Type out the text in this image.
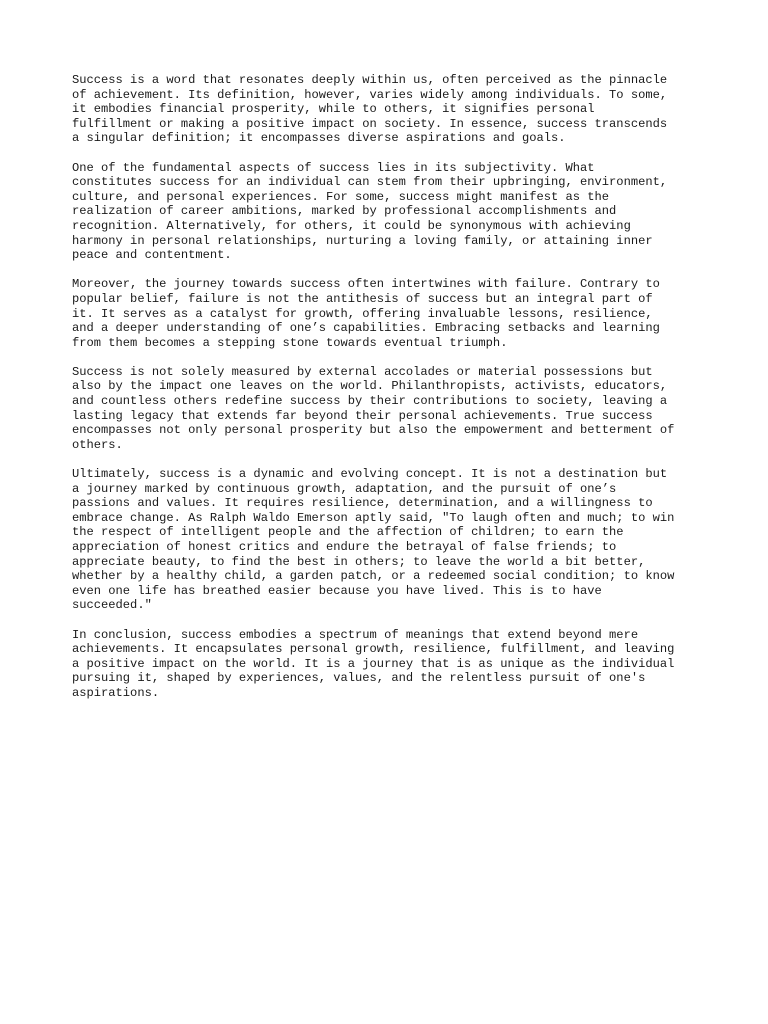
Success is a word that resonates deeply within us, often perceived as the pinnacle
of achievement. Its definition, however, varies widely among individuals. To some,
it embodies financial prosperity, while to others, it signifies personal
fulfillment or making a positive impact on society. In essence, success transcends
a singular definition; it encompasses diverse aspirations and goals.

One of the fundamental aspects of success lies in its subjectivity. What
constitutes success for an individual can stem from their upbringing, environment,
culture, and personal experiences. For some, success might manifest as the
realization of career ambitions, marked by professional accomplishments and
recognition. Alternatively, for others, it could be synonymous with achieving
harmony in personal relationships, nurturing a loving family, or attaining inner
peace and contentment.

Moreover, the journey towards success often intertwines with failure. Contrary to
popular belief, failure is not the antithesis of success but an integral part of
it. It serves as a catalyst for growth, offering invaluable lessons, resilience,
and a deeper understanding of one’s capabilities. Embracing setbacks and learning
from them becomes a stepping stone towards eventual triumph.

Success is not solely measured by external accolades or material possessions but
also by the impact one leaves on the world. Philanthropists, activists, educators,
and countless others redefine success by their contributions to society, leaving a
lasting legacy that extends far beyond their personal achievements. True success
encompasses not only personal prosperity but also the empowerment and betterment of
others.

Ultimately, success is a dynamic and evolving concept. It is not a destination but
a journey marked by continuous growth, adaptation, and the pursuit of one’s
passions and values. It requires resilience, determination, and a willingness to
embrace change. As Ralph Waldo Emerson aptly said, "To laugh often and much; to win
the respect of intelligent people and the affection of children; to earn the
appreciation of honest critics and endure the betrayal of false friends; to
appreciate beauty, to find the best in others; to leave the world a bit better,
whether by a healthy child, a garden patch, or a redeemed social condition; to know
even one life has breathed easier because you have lived. This is to have
succeeded."

In conclusion, success embodies a spectrum of meanings that extend beyond mere
achievements. It encapsulates personal growth, resilience, fulfillment, and leaving
a positive impact on the world. It is a journey that is as unique as the individual
pursuing it, shaped by experiences, values, and the relentless pursuit of one's
aspirations.
